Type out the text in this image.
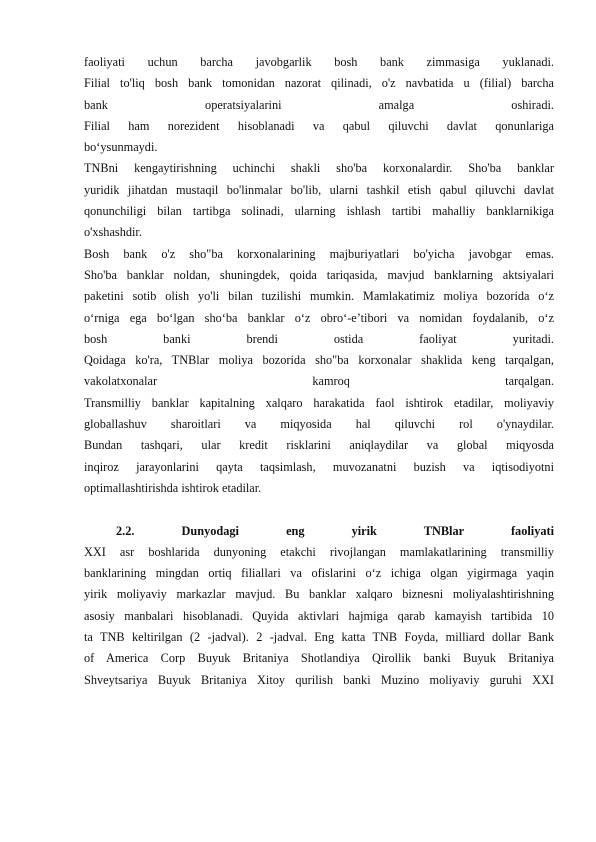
faoliyati uchun barcha javobgarlik bosh bank zimmasiga yuklanadi.
Filial to'liq bosh bank tomonidan nazorat qilinadi, o'z navbatida u (filial) barcha
bank operatsiyalarini amalga oshiradi.
Filial ham norezident hisoblanadi va qabul qiluvchi davlat qonunlariga
bo‘ysunmaydi.
TNBni kengaytirishning uchinchi shakli sho'ba korxonalardir. Sho'ba banklar
yuridik jihatdan mustaqil bo'linmalar bo'lib, ularni tashkil etish qabul qiluvchi davlat
qonunchiligi bilan tartibga solinadi, ularning ishlash tartibi mahalliy banklarnikiga
o'xshashdir.
Bosh bank o'z sho"ba korxonalarining majburiyatlari bo'yicha javobgar emas.
Sho'ba banklar noldan, shuningdek, qoida tariqasida, mavjud banklarning aktsiyalari
paketini sotib olish yo'li bilan tuzilishi mumkin. Mamlakatimiz moliya bozorida o‘z
o‘rniga ega bo‘lgan sho‘ba banklar o‘z obro‘-e’tibori va nomidan foydalanib, o‘z
bosh banki brendi ostida faoliyat yuritadi.
Qoidaga ko'ra, TNBlar moliya bozorida sho"ba korxonalar shaklida keng tarqalgan,
vakolatxonalar kamroq tarqalgan.
Transmilliy banklar kapitalning xalqaro harakatida faol ishtirok etadilar, moliyaviy
globallashuv sharoitlari va miqyosida hal qiluvchi rol o'ynaydilar.
Bundan tashqari, ular kredit risklarini aniqlaydilar va global miqyosda
inqiroz jarayonlarini qayta taqsimlash, muvozanatni buzish va iqtisodiyotni
optimallashtirishda ishtirok etadilar.
2.2. Dunyodagi eng yirik TNBlar faoliyati
XXI asr boshlarida dunyoning etakchi rivojlangan mamlakatlarining transmilliy
banklarining mingdan ortiq filiallari va ofislarini o‘z ichiga olgan yigirmaga yaqin
yirik moliyaviy markazlar mavjud. Bu banklar xalqaro biznesni moliyalashtirishning
asosiy manbalari hisoblanadi. Quyida aktivlari hajmiga qarab kamayish tartibida 10
ta TNB keltirilgan (2 -jadval). 2 -jadval. Eng katta TNB Foyda, milliard dollar Bank
of America Corp Buyuk Britaniya Shotlandiya Qirollik banki Buyuk Britaniya
Shveytsariya Buyuk Britaniya Xitoy qurilish banki Muzino moliyaviy guruhi XXI
